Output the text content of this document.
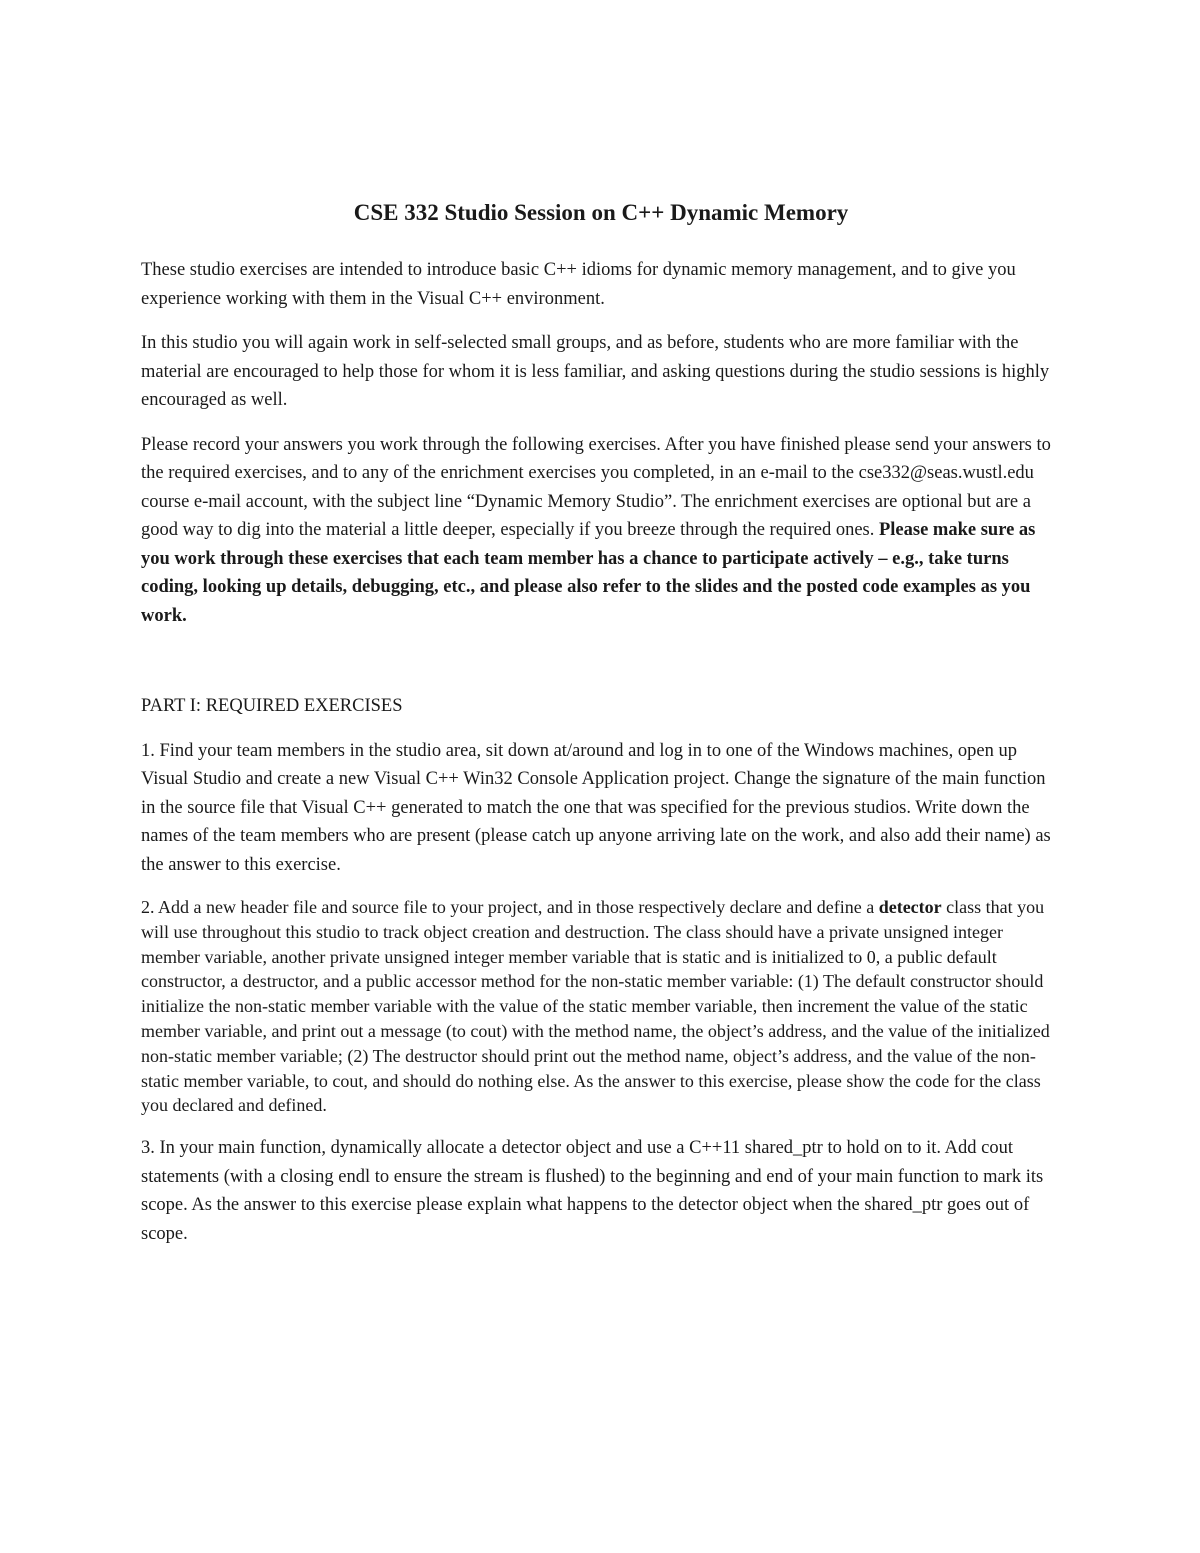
CSE 332 Studio Session on C++ Dynamic Memory

These studio exercises are intended to introduce basic C++ idioms for dynamic memory management, and to give you experience working with them in the Visual C++ environment.

In this studio you will again work in self-selected small groups, and as before, students who are more familiar with the material are encouraged to help those for whom it is less familiar, and asking questions during the studio sessions is highly encouraged as well.

Please record your answers you work through the following exercises. After you have finished please send your answers to the required exercises, and to any of the enrichment exercises you completed, in an e-mail to the cse332@seas.wustl.edu course e-mail account, with the subject line “Dynamic Memory Studio”. The enrichment exercises are optional but are a good way to dig into the material a little deeper, especially if you breeze through the required ones. Please make sure as you work through these exercises that each team member has a chance to participate actively – e.g., take turns coding, looking up details, debugging, etc., and please also refer to the slides and the posted code examples as you work.

PART I: REQUIRED EXERCISES

1. Find your team members in the studio area, sit down at/around and log in to one of the Windows machines, open up Visual Studio and create a new Visual C++ Win32 Console Application project. Change the signature of the main function in the source file that Visual C++ generated to match the one that was specified for the previous studios. Write down the names of the team members who are present (please catch up anyone arriving late on the work, and also add their name) as the answer to this exercise.

2. Add a new header file and source file to your project, and in those respectively declare and define a detector class that you will use throughout this studio to track object creation and destruction. The class should have a private unsigned integer member variable, another private unsigned integer member variable that is static and is initialized to 0, a public default constructor, a destructor, and a public accessor method for the non-static member variable: (1) The default constructor should initialize the non-static member variable with the value of the static member variable, then increment the value of the static member variable, and print out a message (to cout) with the method name, the object’s address, and the value of the initialized non-static member variable; (2) The destructor should print out the method name, object’s address, and the value of the non-static member variable, to cout, and should do nothing else. As the answer to this exercise, please show the code for the class you declared and defined.

3. In your main function, dynamically allocate a detector object and use a C++11 shared_ptr to hold on to it. Add cout statements (with a closing endl to ensure the stream is flushed) to the beginning and end of your main function to mark its scope. As the answer to this exercise please explain what happens to the detector object when the shared_ptr goes out of scope.
